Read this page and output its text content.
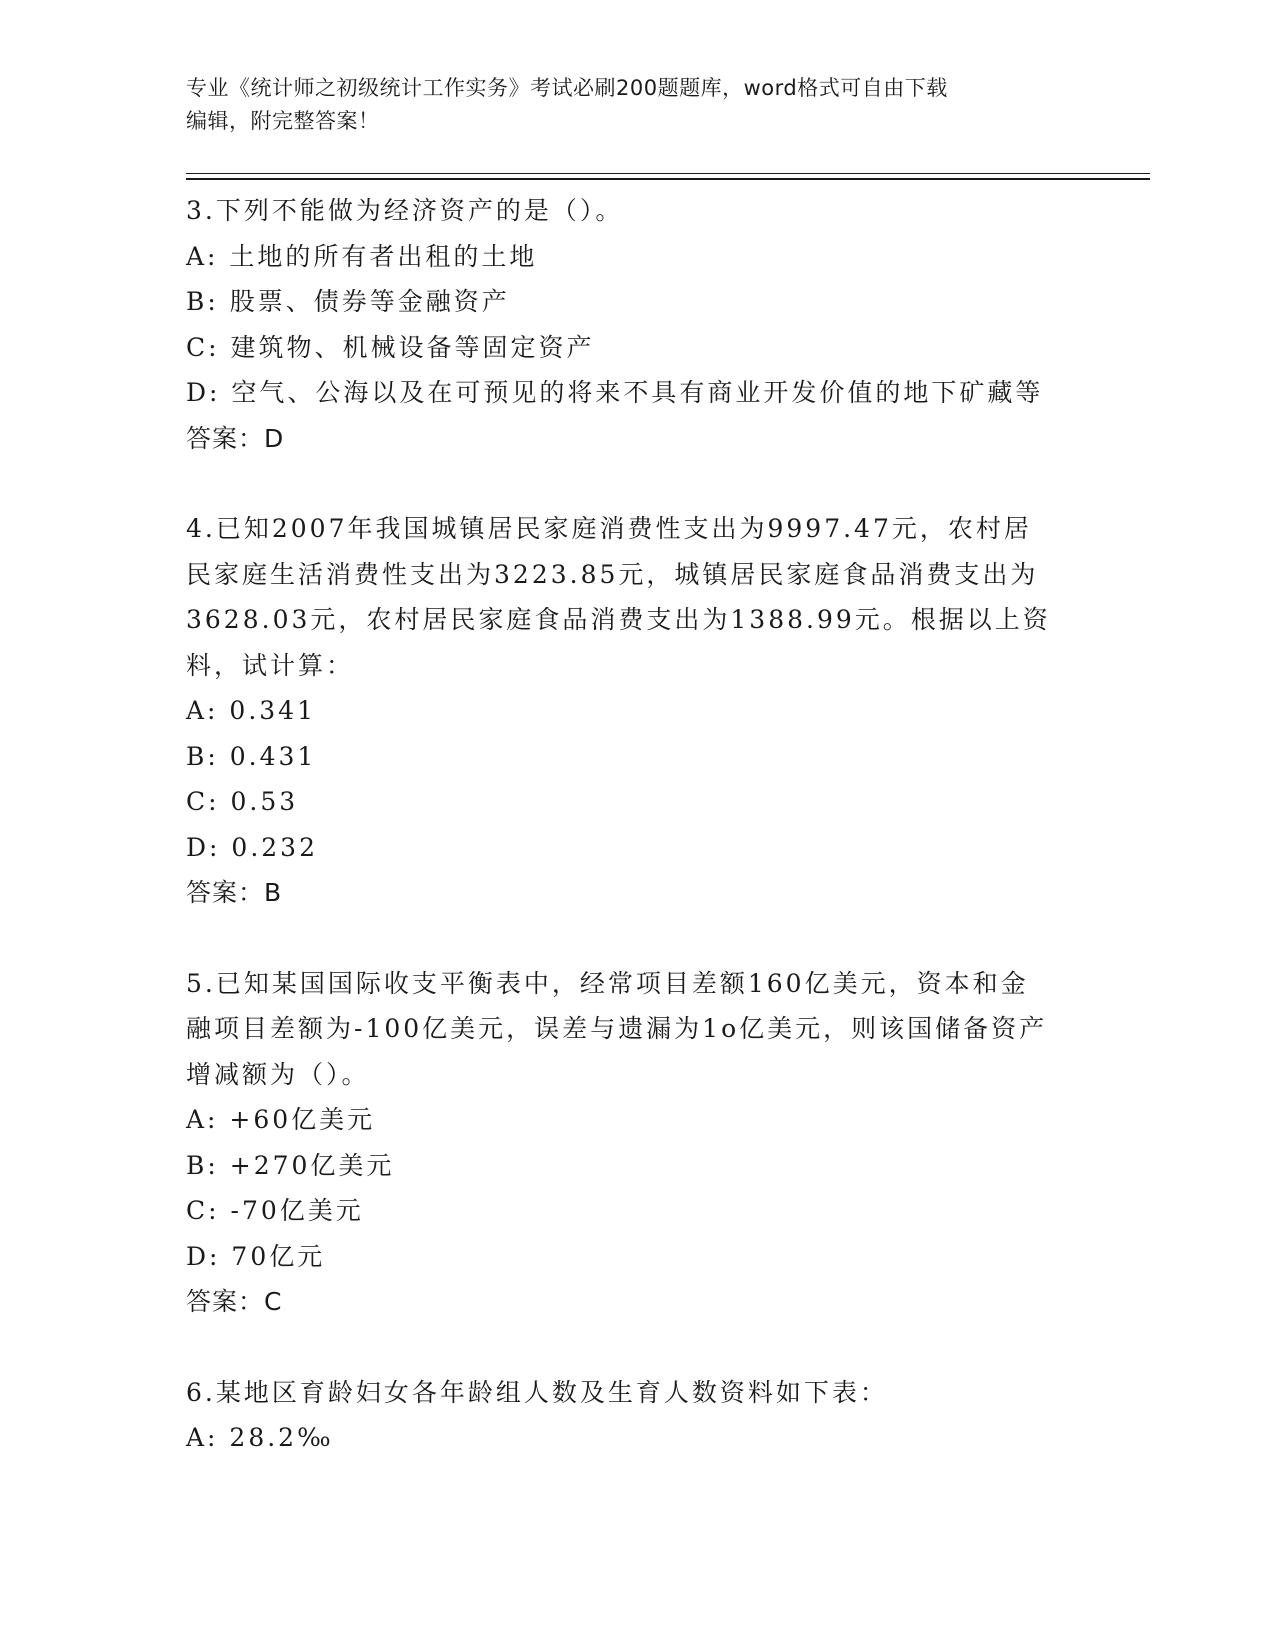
专业《统计师之初级统计工作实务》考试必刷200题题库，word格式可自由下载
编辑，附完整答案！
3.下列不能做为经济资产的是（）。
A: 土地的所有者出租的土地
B: 股票、债券等金融资产
C: 建筑物、机械设备等固定资产
D: 空气、公海以及在可预见的将来不具有商业开发价值的地下矿藏等
答案：D
4.已知2007年我国城镇居民家庭消费性支出为9997.47元，农村居
民家庭生活消费性支出为3223.85元，城镇居民家庭食品消费支出为
3628.03元，农村居民家庭食品消费支出为1388.99元。根据以上资
料，试计算：
A: 0.341
B: 0.431
C: 0.53
D: 0.232
答案：B
5.已知某国国际收支平衡表中，经常项目差额160亿美元，资本和金
融项目差额为-100亿美元，误差与遗漏为1o亿美元，则该国储备资产
增减额为（）。
A: +60亿美元
B: +270亿美元
C: -70亿美元
D: 70亿元
答案：C
6.某地区育龄妇女各年龄组人数及生育人数资料如下表：
A: 28.2‰
